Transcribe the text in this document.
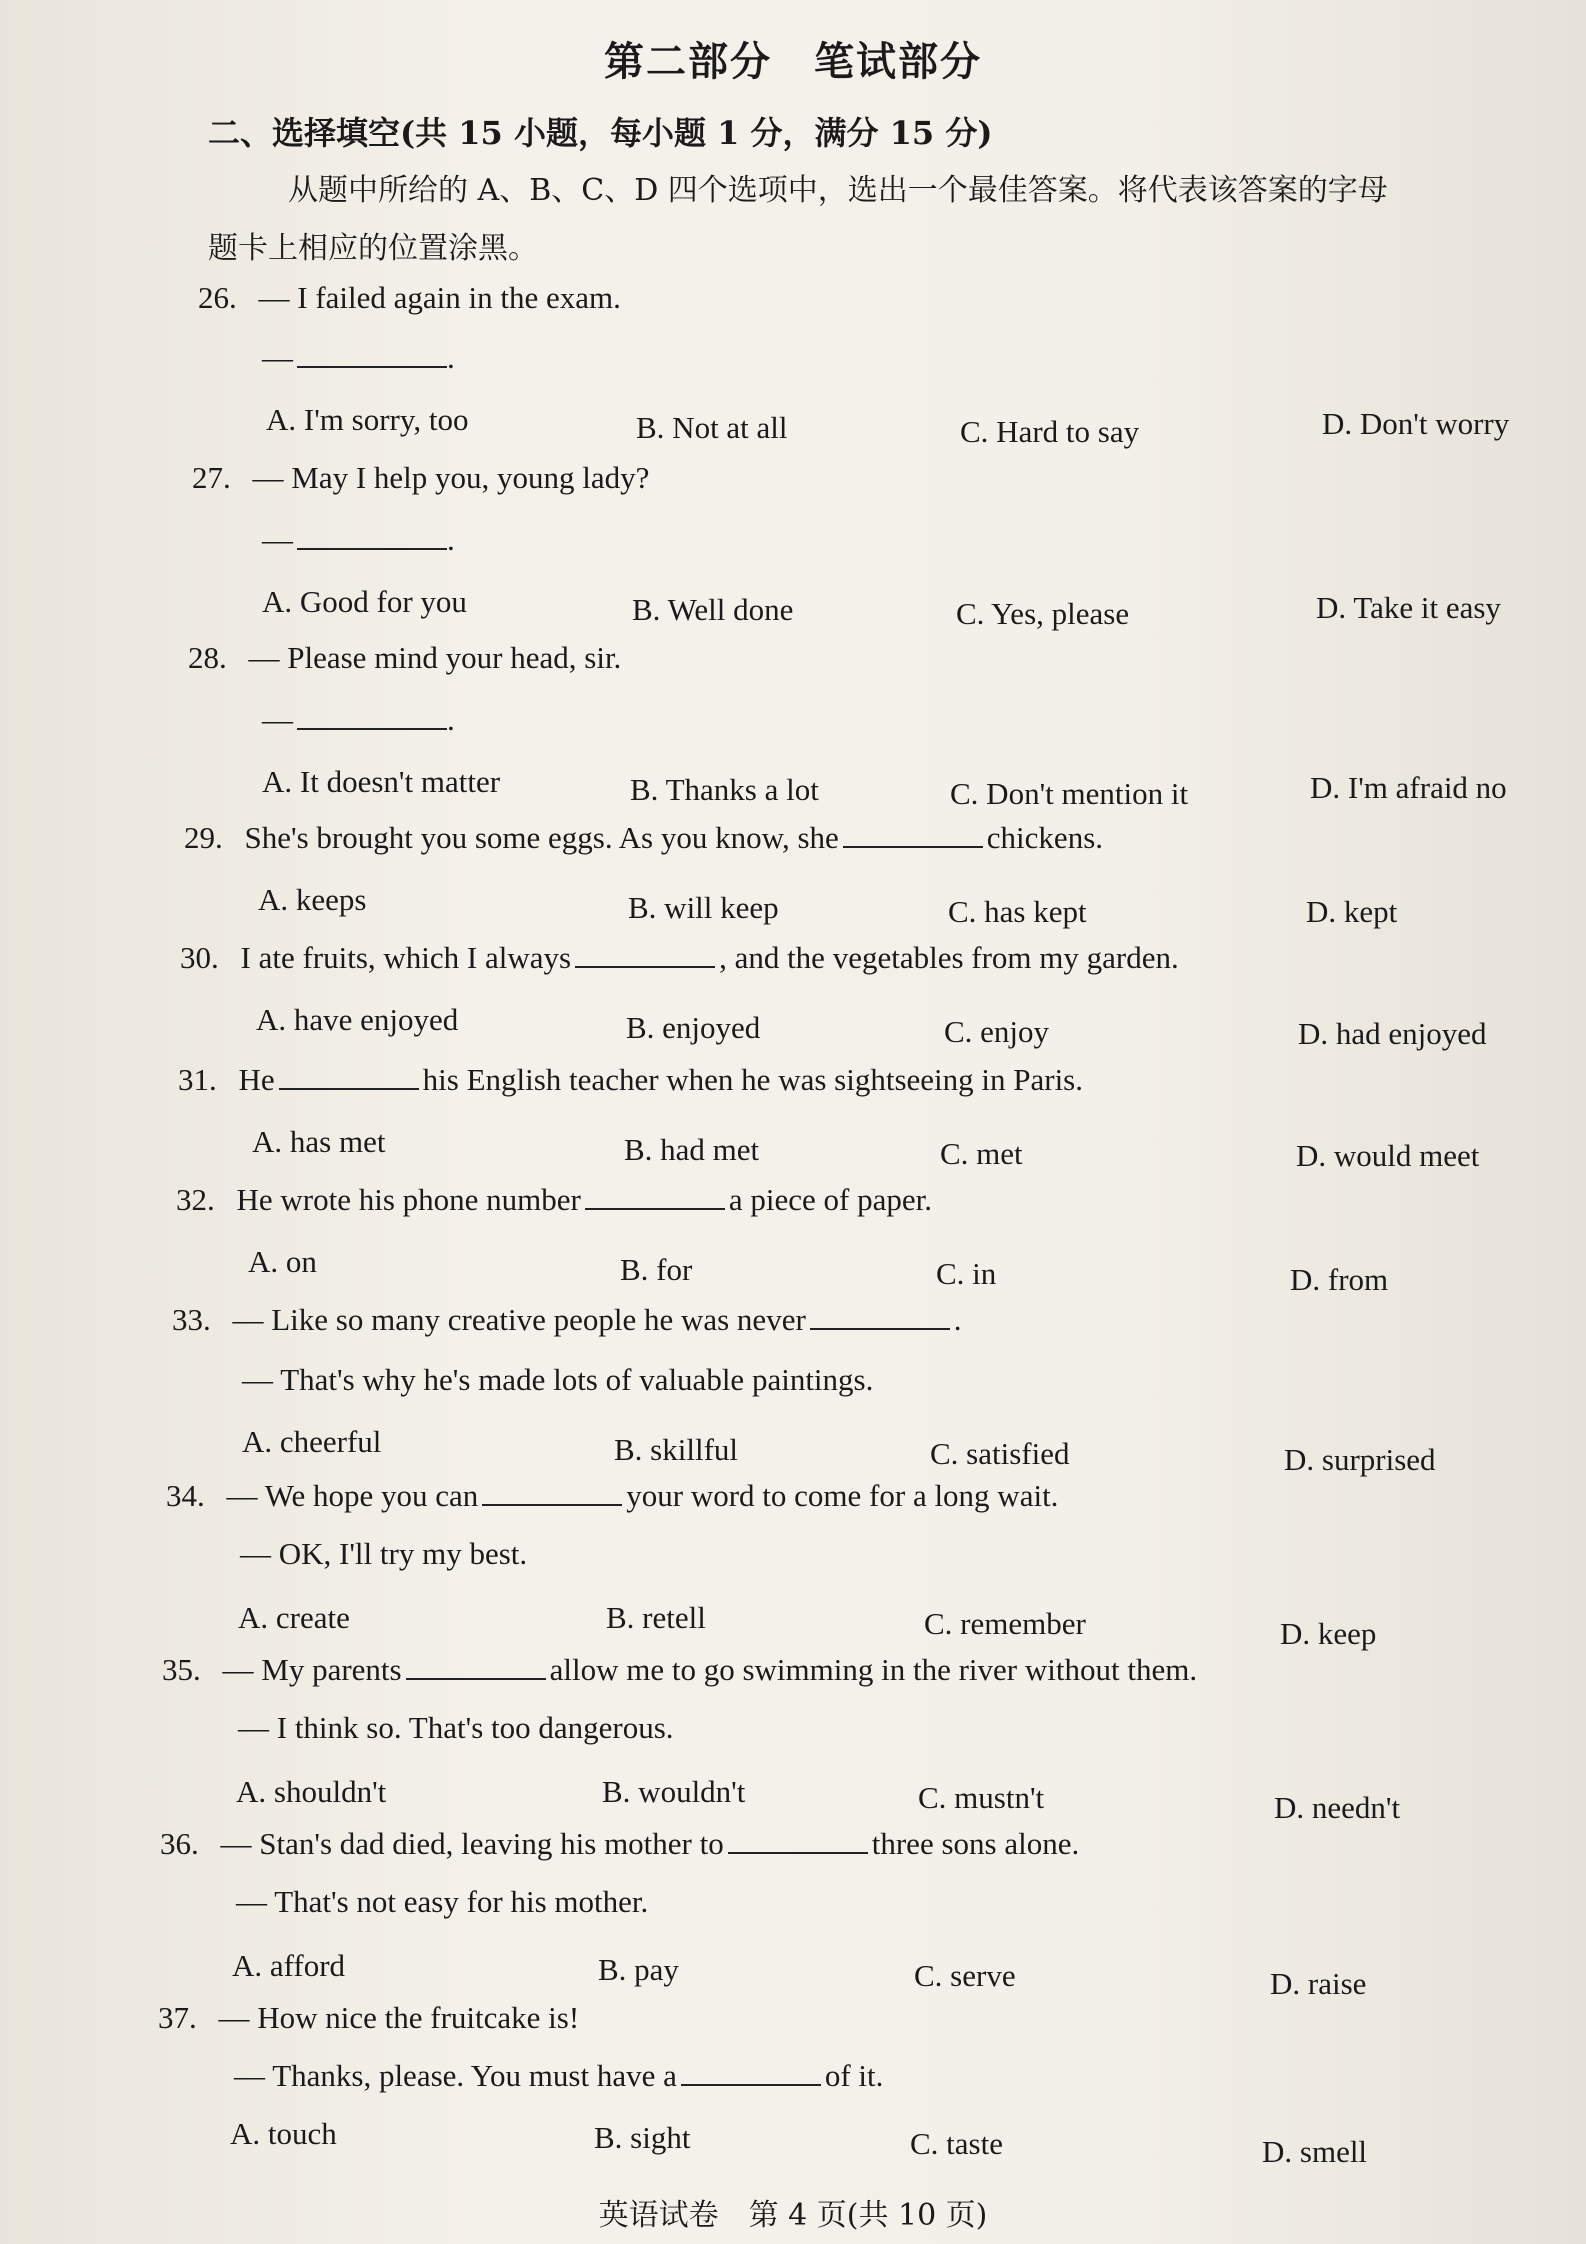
第二部分　笔试部分
二、选择填空(共 15 小题，每小题 1 分，满分 15 分)
从题中所给的 A、B、C、D 四个选项中，选出一个最佳答案。将代表该答案的字母
题卡上相应的位置涂黑。
26. — I failed again in the exam.
—	.
A. I'm sorry, too	B. Not at all	C. Hard to say	D. Don't worry
27. — May I help you, young lady?
—	.
A. Good for you	B. Well done	C. Yes, please	D. Take it easy
28. — Please mind your head, sir.
—	.
A. It doesn't matter	B. Thanks a lot	C. Don't mention it	D. I'm afraid no
29. She's brought you some eggs. As you know, she	chickens.
A. keeps	B. will keep	C. has kept	D. kept
30. I ate fruits, which I always	, and the vegetables from my garden.
A. have enjoyed	B. enjoyed	C. enjoy	D. had enjoyed
31. He	his English teacher when he was sightseeing in Paris.
A. has met	B. had met	C. met	D. would meet
32. He wrote his phone number	a piece of paper.
A. on	B. for	C. in	D. from
33. — Like so many creative people he was never	.
— That's why he's made lots of valuable paintings.
A. cheerful	B. skillful	C. satisfied	D. surprised
34. — We hope you can	your word to come for a long wait.
— OK, I'll try my best.
A. create	B. retell	C. remember	D. keep
35. — My parents	allow me to go swimming in the river without them.
— I think so. That's too dangerous.
A. shouldn't	B. wouldn't	C. mustn't	D. needn't
36. — Stan's dad died, leaving his mother to	three sons alone.
— That's not easy for his mother.
A. afford	B. pay	C. serve	D. raise
37. — How nice the fruitcake is!
— Thanks, please. You must have a	of it.
A. touch	B. sight	C. taste	D. smell
英语试卷　第 4 页(共 10 页)
